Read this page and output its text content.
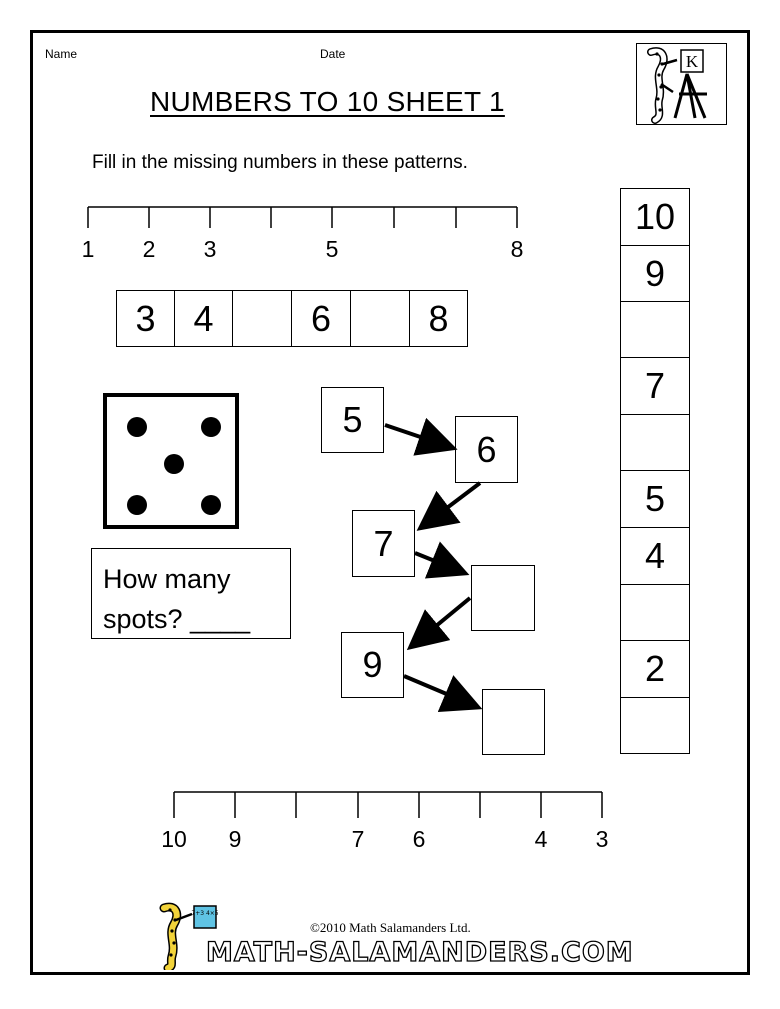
Name	Date	K
NUMBERS TO 10 SHEET 1
Fill in the missing numbers in these patterns.
1 2 3	5	8
3	4	6	8
10
9
7
5
4
2
How many
spots? ____
5
6
7
9
10 9	7 6	4 3
7+3 4×5
©2010 Math Salamanders Ltd.
MATH-SALAMANDERS.COM
